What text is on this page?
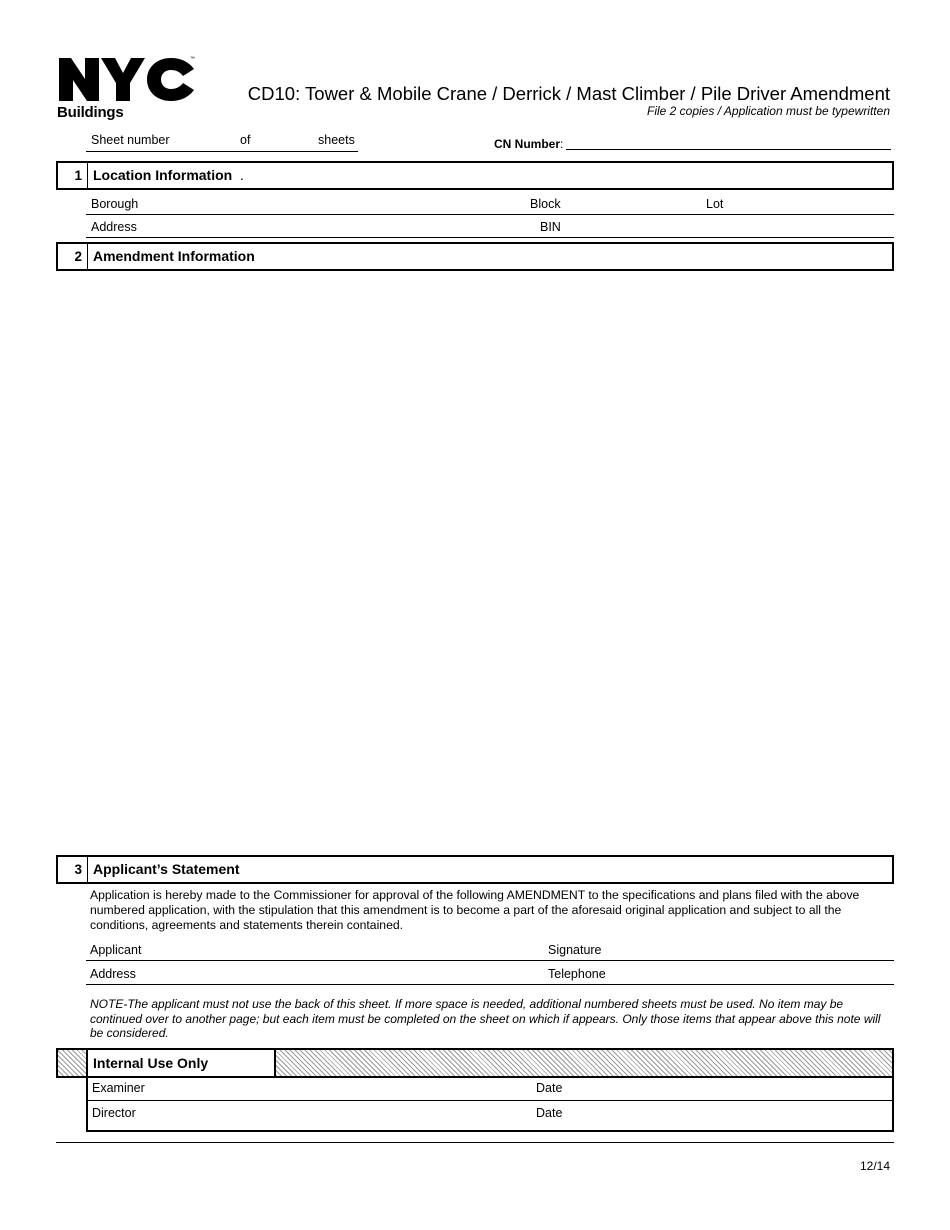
™
Buildings
CD10: Tower & Mobile Crane / Derrick / Mast Climber / Pile Driver Amendment
File 2 copies / Application must be typewritten
Sheet number	of	sheets	CN Number:
1 Location Information .
Borough	Block	Lot
Address	BIN
2 Amendment Information
3 Applicant’s Statement
Application is hereby made to the Commissioner for approval of the following AMENDMENT to the specifications and plans filed with the above numbered application, with the stipulation that this amendment is to become a part of the aforesaid original application and subject to all the conditions, agreements and statements therein contained.
Applicant	Signature
Address	Telephone
NOTE-The applicant must not use the back of this sheet. If more space is needed, additional numbered sheets must be used. No item may be continued over to another page; but each item must be completed on the sheet on which if appears. Only those items that appear above this note will be considered.
Internal Use Only
Examiner	Date
Director	Date
12/14
